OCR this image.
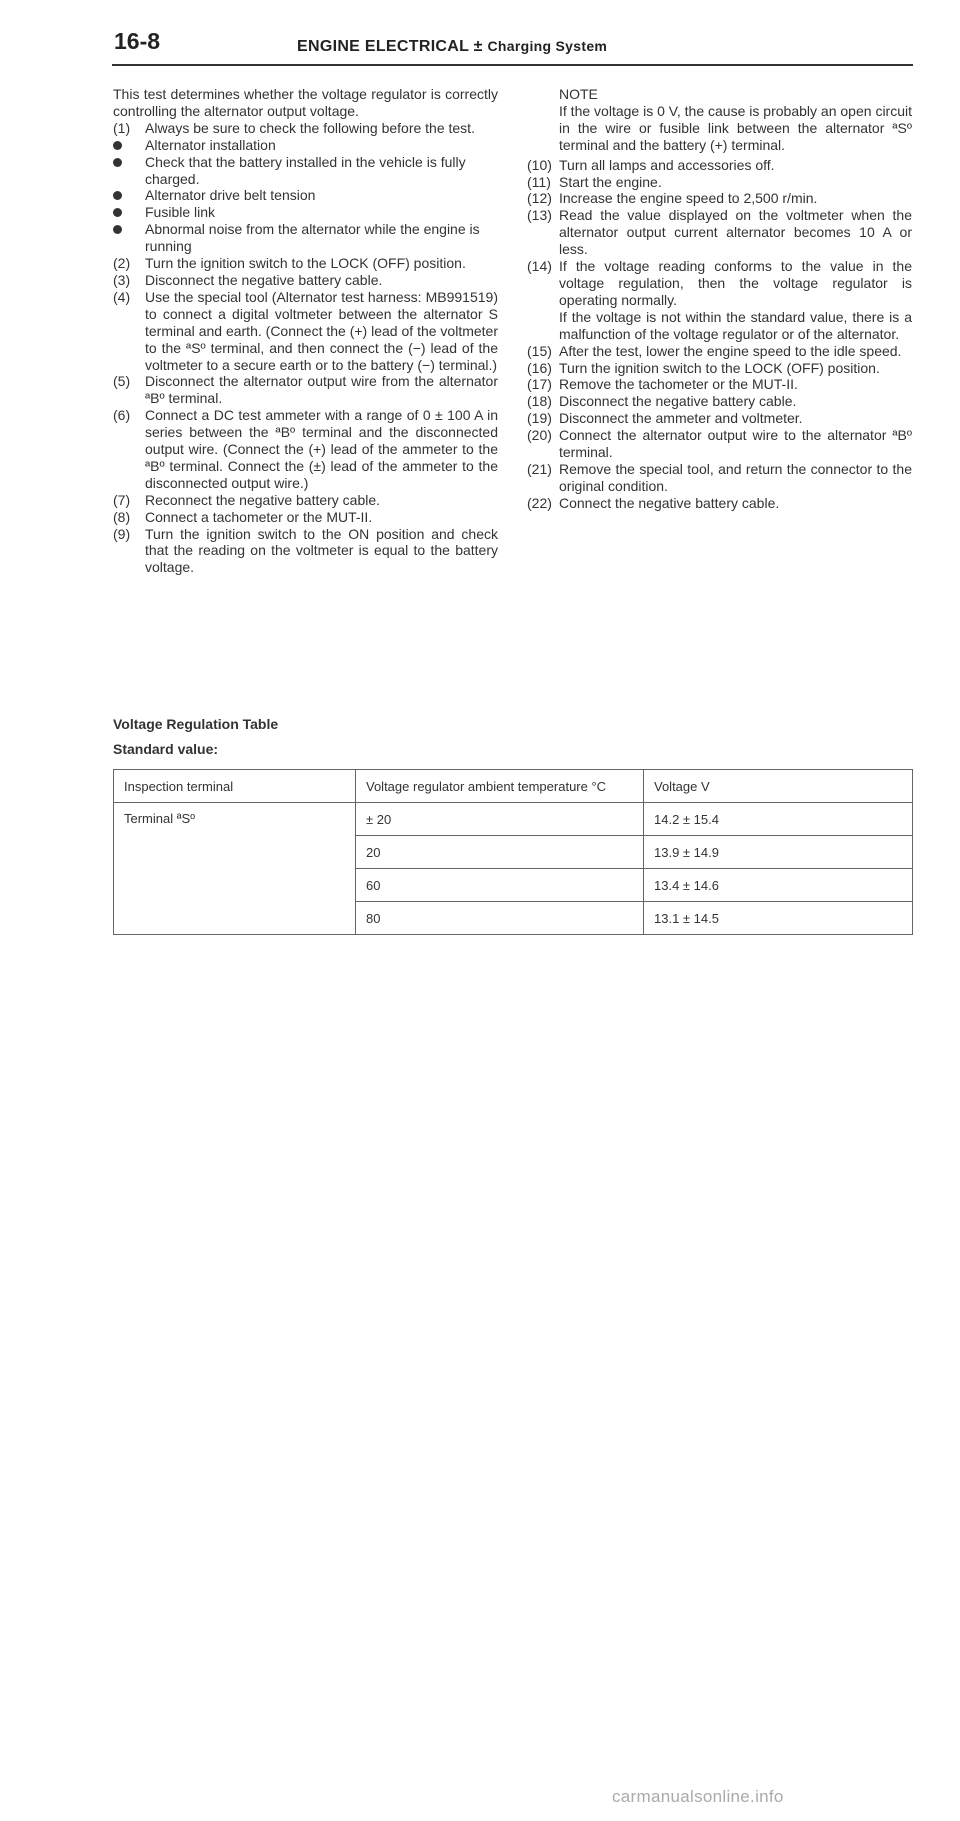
16-8	ENGINE ELECTRICAL ± Charging System

This test determines whether the voltage regulator is correctly controlling the alternator output voltage.

(1) Always be sure to check the following before the test.

Alternator installation

Check that the battery installed in the vehicle is fully charged.

Alternator drive belt tension

Fusible link

Abnormal noise from the alternator while the engine is running

(2) Turn the ignition switch to the LOCK (OFF) position.

(3) Disconnect the negative battery cable.

(4) Use the special tool (Alternator test harness: MB991519) to connect a digital voltmeter between the alternator S terminal and earth. (Connect the (+) lead of the voltmeter to the ªSº terminal, and then connect the (−) lead of the voltmeter to a secure earth or to the battery (−) terminal.)

(5) Disconnect the alternator output wire from the alternator ªBº terminal.

(6) Connect a DC test ammeter with a range of 0 ± 100 A in series between the ªBº terminal and the disconnected output wire. (Connect the (+) lead of the ammeter to the ªBº terminal. Connect the (±) lead of the ammeter to the disconnected output wire.)

(7) Reconnect the negative battery cable.

(8) Connect a tachometer or the MUT-II.

(9) Turn the ignition switch to the ON position and check that the reading on the voltmeter is equal to the battery voltage.

NOTE

If the voltage is 0 V, the cause is probably an open circuit in the wire or fusible link between the alternator ªSº terminal and the battery (+) terminal.

(10) Turn all lamps and accessories off.

(11) Start the engine.

(12) Increase the engine speed to 2,500 r/min.

(13) Read the value displayed on the voltmeter when the alternator output current alternator becomes 10 A or less.

(14) If the voltage reading conforms to the value in the voltage regulation, then the voltage regulator is operating normally.

If the voltage is not within the standard value, there is a malfunction of the voltage regulator or of the alternator.

(15) After the test, lower the engine speed to the idle speed.

(16) Turn the ignition switch to the LOCK (OFF) position.

(17) Remove the tachometer or the MUT-II.

(18) Disconnect the negative battery cable.

(19) Disconnect the ammeter and voltmeter.

(20) Connect the alternator output wire to the alternator ªBº terminal.

(21) Remove the special tool, and return the connector to the original condition.

(22) Connect the negative battery cable.

Voltage Regulation Table
Standard value:
Inspection terminal	Voltage regulator ambient temperature °C	Voltage V
Terminal ªSº	± 20	14.2 ± 15.4
	20	13.9 ± 14.9
	60	13.4 ± 14.6
	80	13.1 ± 14.5
carmanualsonline.info
